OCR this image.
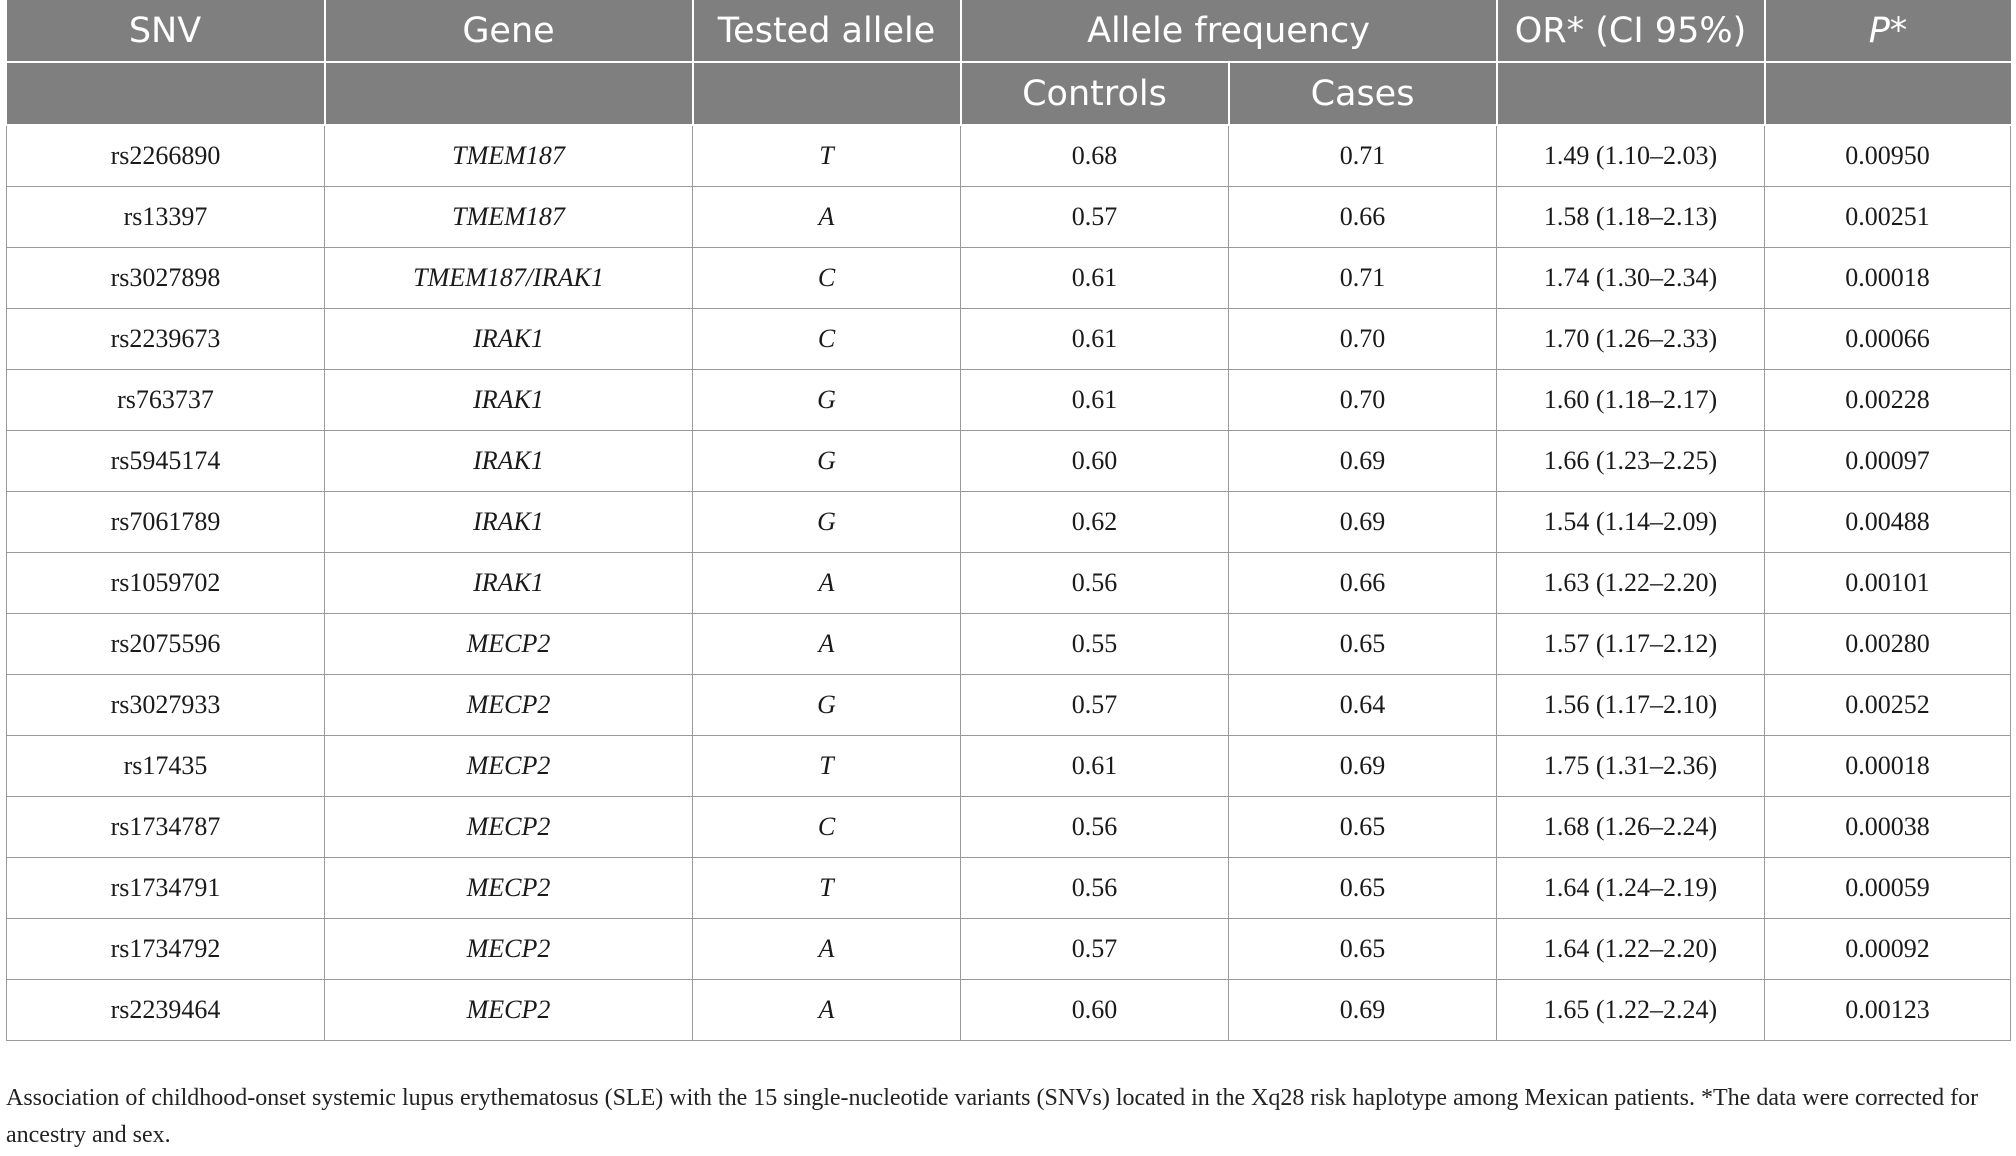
SNV	Gene	Tested allele	Allele frequency		OR* (CI 95%)	P*
			Controls	Cases		
rs2266890	TMEM187	T	0.68	0.71	1.49 (1.10–2.03)	0.00950
rs13397	TMEM187	A	0.57	0.66	1.58 (1.18–2.13)	0.00251
rs3027898	TMEM187/IRAK1	C	0.61	0.71	1.74 (1.30–2.34)	0.00018
rs2239673	IRAK1	C	0.61	0.70	1.70 (1.26–2.33)	0.00066
rs763737	IRAK1	G	0.61	0.70	1.60 (1.18–2.17)	0.00228
rs5945174	IRAK1	G	0.60	0.69	1.66 (1.23–2.25)	0.00097
rs7061789	IRAK1	G	0.62	0.69	1.54 (1.14–2.09)	0.00488
rs1059702	IRAK1	A	0.56	0.66	1.63 (1.22–2.20)	0.00101
rs2075596	MECP2	A	0.55	0.65	1.57 (1.17–2.12)	0.00280
rs3027933	MECP2	G	0.57	0.64	1.56 (1.17–2.10)	0.00252
rs17435	MECP2	T	0.61	0.69	1.75 (1.31–2.36)	0.00018
rs1734787	MECP2	C	0.56	0.65	1.68 (1.26–2.24)	0.00038
rs1734791	MECP2	T	0.56	0.65	1.64 (1.24–2.19)	0.00059
rs1734792	MECP2	A	0.57	0.65	1.64 (1.22–2.20)	0.00092
rs2239464	MECP2	A	0.60	0.69	1.65 (1.22–2.24)	0.00123
Association of childhood-onset systemic lupus erythematosus (SLE) with the 15 single-nucleotide variants (SNVs) located in the Xq28 risk haplotype among Mexican patients. *The data were corrected for ancestry and sex.
